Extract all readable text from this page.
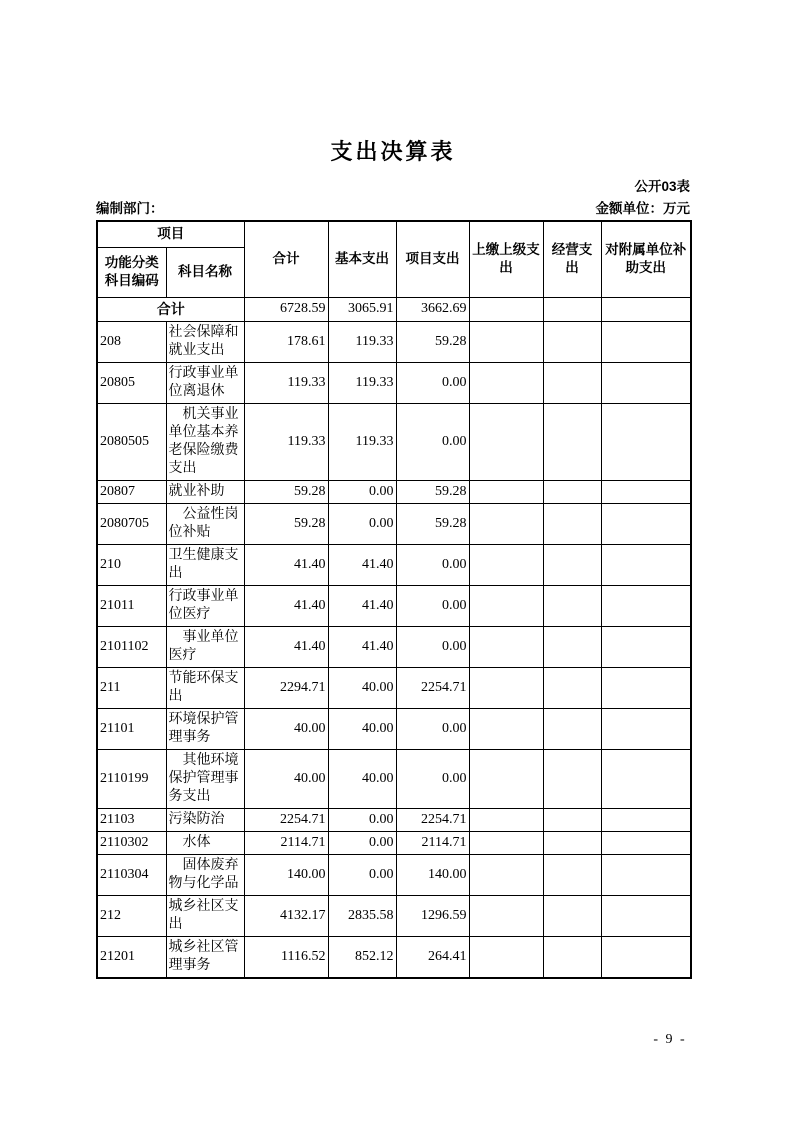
支出决算表
公开03表
编制部门：	金额单位：万元
项目		合计	基本支出	项目支出	上缴上级支出	经营支出	对附属单位补助支出
功能分类科目编码	科目名称						
合计		6728.59	3065.91	3662.69			
208	社会保障和就业支出	178.61	119.33	59.28			
20805	行政事业单位离退休	119.33	119.33	0.00			
2080505	机关事业单位基本养老保险缴费支出	119.33	119.33	0.00			
20807	就业补助	59.28	0.00	59.28			
2080705	公益性岗位补贴	59.28	0.00	59.28			
210	卫生健康支出	41.40	41.40	0.00			
21011	行政事业单位医疗	41.40	41.40	0.00			
2101102	事业单位医疗	41.40	41.40	0.00			
211	节能环保支出	2294.71	40.00	2254.71			
21101	环境保护管理事务	40.00	40.00	0.00			
2110199	其他环境保护管理事务支出	40.00	40.00	0.00			
21103	污染防治	2254.71	0.00	2254.71			
2110302	水体	2114.71	0.00	2114.71			
2110304	固体废弃物与化学品	140.00	0.00	140.00			
212	城乡社区支出	4132.17	2835.58	1296.59			
21201	城乡社区管理事务	1116.52	852.12	264.41			
- 9 -
